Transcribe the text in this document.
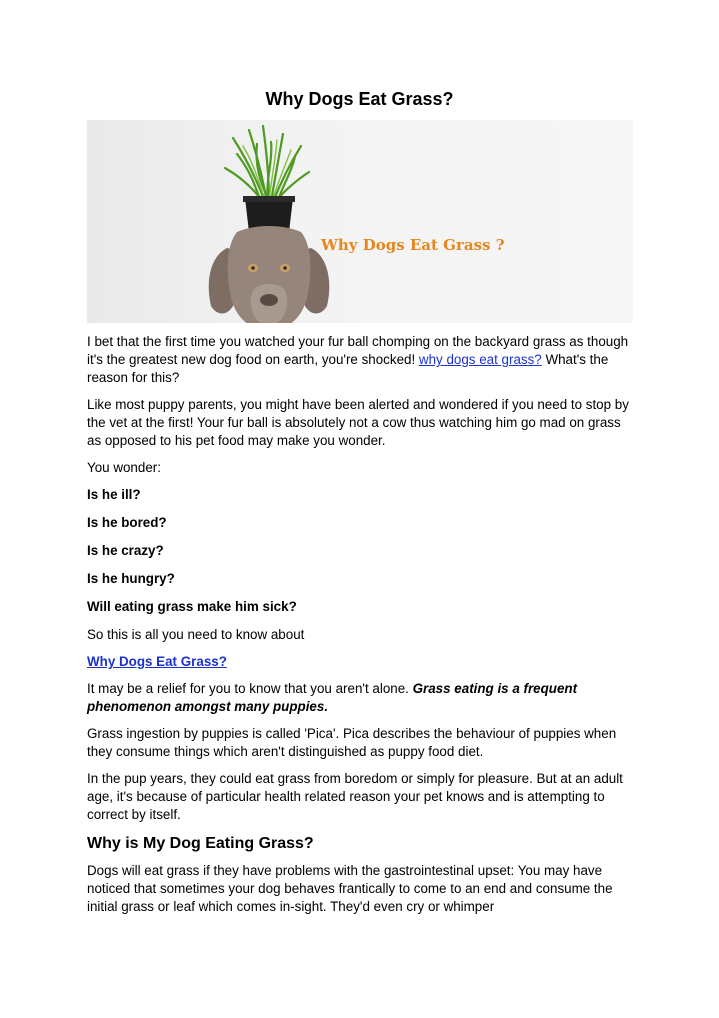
Why Dogs Eat Grass?
Why Dogs Eat Grass ?

I bet that the first time you watched your fur ball chomping on the backyard grass as though it's the greatest new dog food on earth, you're shocked! why dogs eat grass? What's the reason for this?

Like most puppy parents, you might have been alerted and wondered if you need to stop by the vet at the first! Your fur ball is absolutely not a cow thus watching him go mad on grass as opposed to his pet food may make you wonder.

You wonder:

Is he ill?

Is he bored?

Is he crazy?

Is he hungry?

Will eating grass make him sick?

So this is all you need to know about

Why Dogs Eat Grass?

It may be a relief for you to know that you aren't alone. Grass eating is a frequent phenomenon amongst many puppies.

Grass ingestion by puppies is called 'Pica'. Pica describes the behaviour of puppies when they consume things which aren't distinguished as puppy food diet.

In the pup years, they could eat grass from boredom or simply for pleasure. But at an adult age, it's because of particular health related reason your pet knows and is attempting to correct by itself.

Why is My Dog Eating Grass?

Dogs will eat grass if they have problems with the gastrointestinal upset: You may have noticed that sometimes your dog behaves frantically to come to an end and consume the initial grass or leaf which comes in-sight. They'd even cry or whimper
